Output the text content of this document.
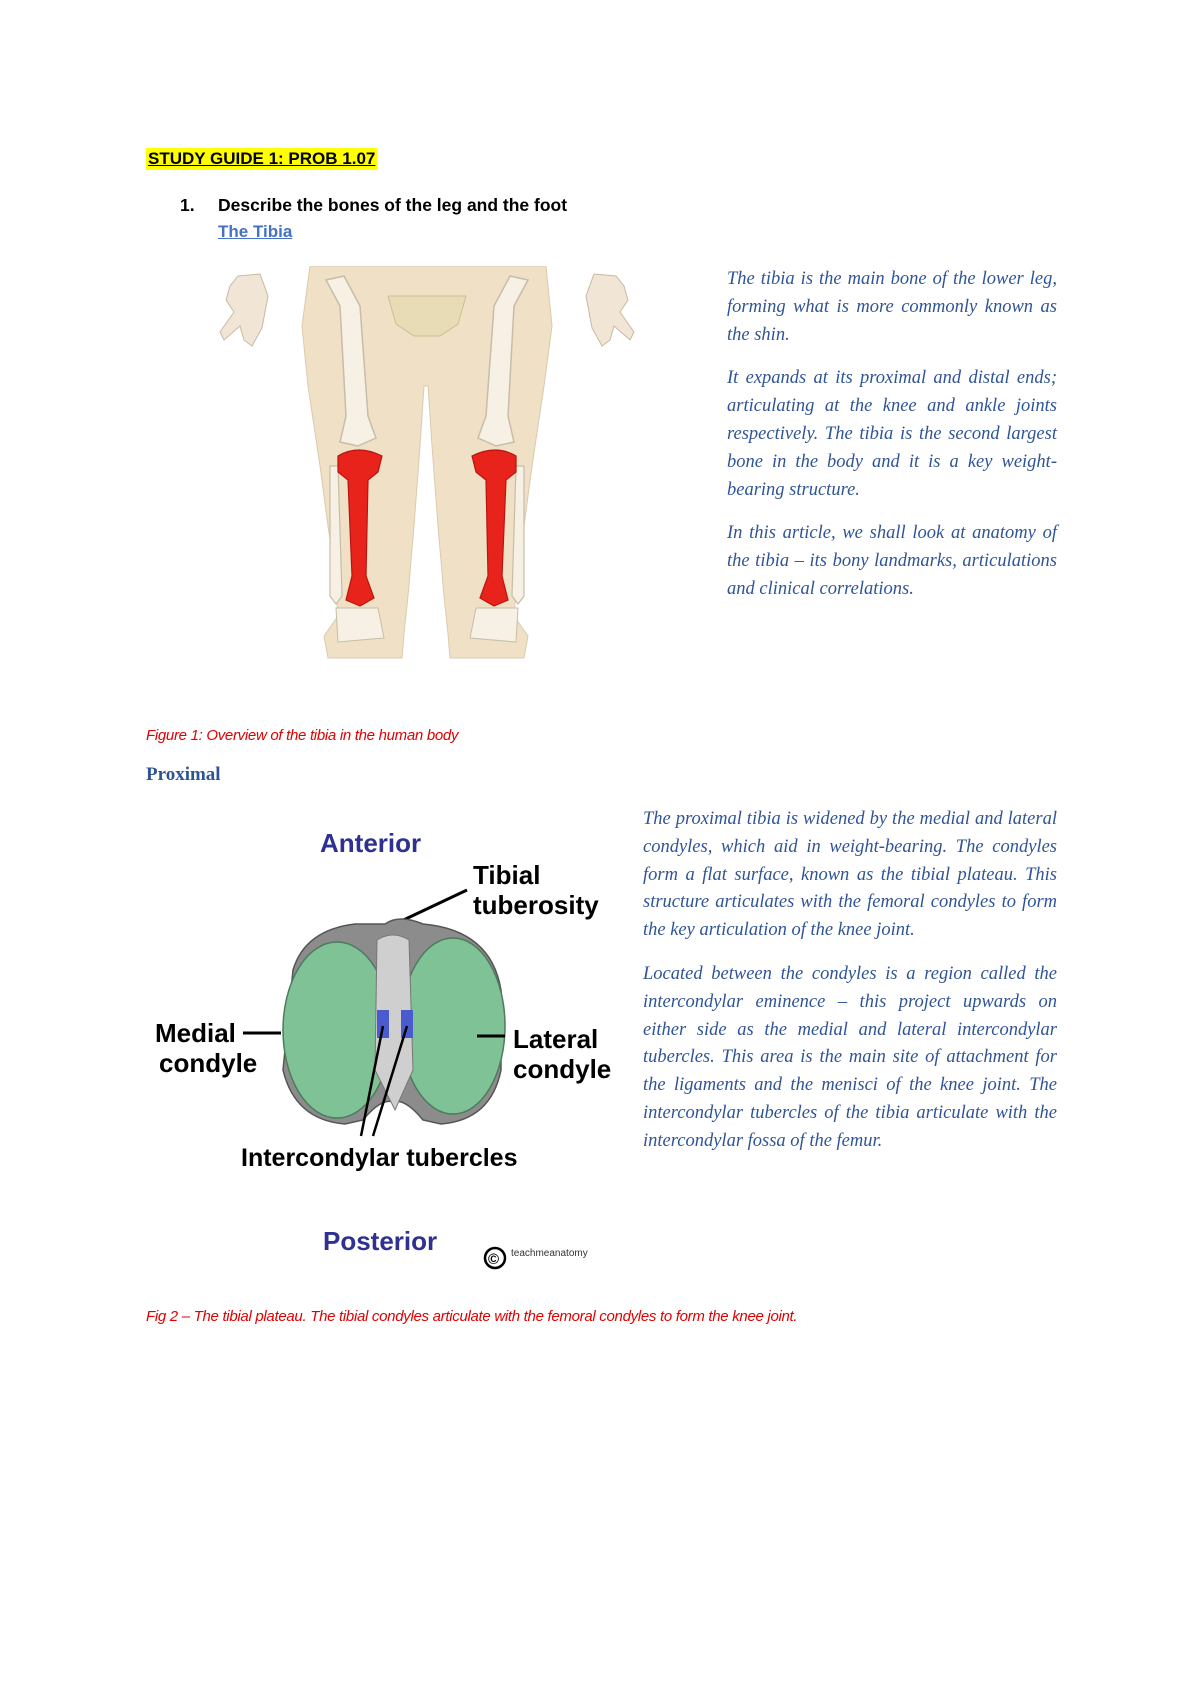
STUDY GUIDE 1: PROB 1.07
1. Describe the bones of the leg and the foot
The Tibia

The tibia is the main bone of the lower leg, forming what is more commonly known as the shin.

It expands at its proximal and distal ends; articulating at the knee and ankle joints respectively. The tibia is the second largest bone in the body and it is a key weight-bearing structure.

In this article, we shall look at anatomy of the tibia – its bony landmarks, articulations and clinical correlations.

Figure 1: Overview of the tibia in the human body
Proximal
Anterior
Tibial
tuberosity
Medial
condyle
Lateral
condyle
Intercondylar tubercles
Posterior
© teachmeanatomy

The proximal tibia is widened by the medial and lateral condyles, which aid in weight-bearing. The condyles form a flat surface, known as the tibial plateau. This structure articulates with the femoral condyles to form the key articulation of the knee joint.

Located between the condyles is a region called the intercondylar eminence – this project upwards on either side as the medial and lateral intercondylar tubercles. This area is the main site of attachment for the ligaments and the menisci of the knee joint. The intercondylar tubercles of the tibia articulate with the intercondylar fossa of the femur.

Fig 2 – The tibial plateau. The tibial condyles articulate with the femoral condyles to form the knee joint.
